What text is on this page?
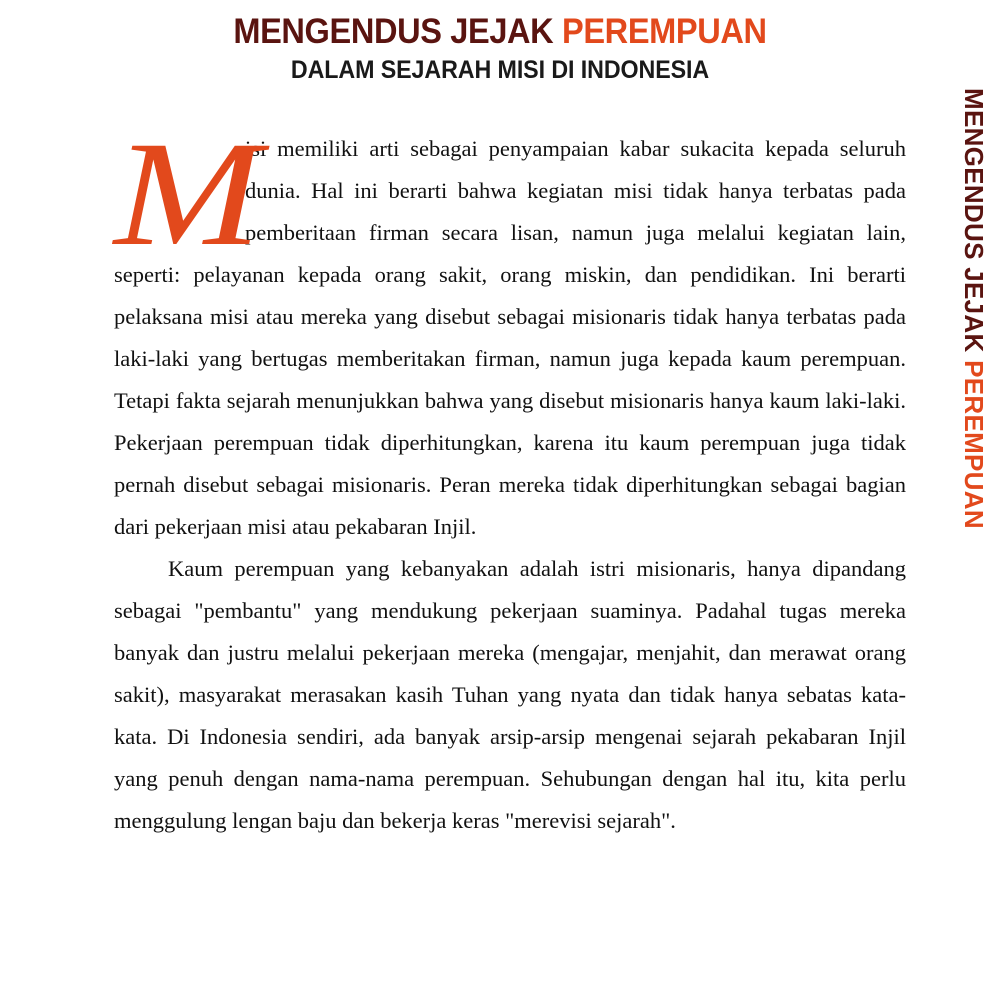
MENGENDUS JEJAK PEREMPUAN
DALAM SEJARAH MISI DI INDONESIA

M
isi memiliki arti sebagai penyampaian kabar sukacita kepada seluruh dunia. Hal ini berarti bahwa kegiatan misi tidak hanya terbatas pada pemberitaan firman secara lisan, namun juga melalui kegiatan lain, seperti: pelayanan kepada orang sakit, orang miskin, dan pendidikan. Ini berarti pelaksana misi atau mereka yang disebut sebagai misionaris tidak hanya terbatas pada laki-laki yang bertugas memberitakan firman, namun juga kepada kaum perempuan. Tetapi fakta sejarah menunjukkan bahwa yang disebut misionaris hanya kaum laki-laki. Pekerjaan perempuan tidak diperhitungkan, karena itu kaum perempuan juga tidak pernah disebut sebagai misionaris. Peran mereka tidak diperhitungkan sebagai bagian dari pekerjaan misi atau pekabaran Injil.

Kaum perempuan yang kebanyakan adalah istri misionaris, hanya dipandang sebagai "pembantu" yang mendukung pekerjaan suaminya. Padahal tugas mereka banyak dan justru melalui pekerjaan mereka (mengajar, menjahit, dan merawat orang sakit), masyarakat merasakan kasih Tuhan yang nyata dan tidak hanya sebatas kata-kata. Di Indonesia sendiri, ada banyak arsip-arsip mengenai sejarah pekabaran Injil yang penuh dengan nama-nama perempuan. Sehubungan dengan hal itu, kita perlu menggulung lengan baju dan bekerja keras "merevisi sejarah".

MENGENDUS JEJAK PEREMPUAN
